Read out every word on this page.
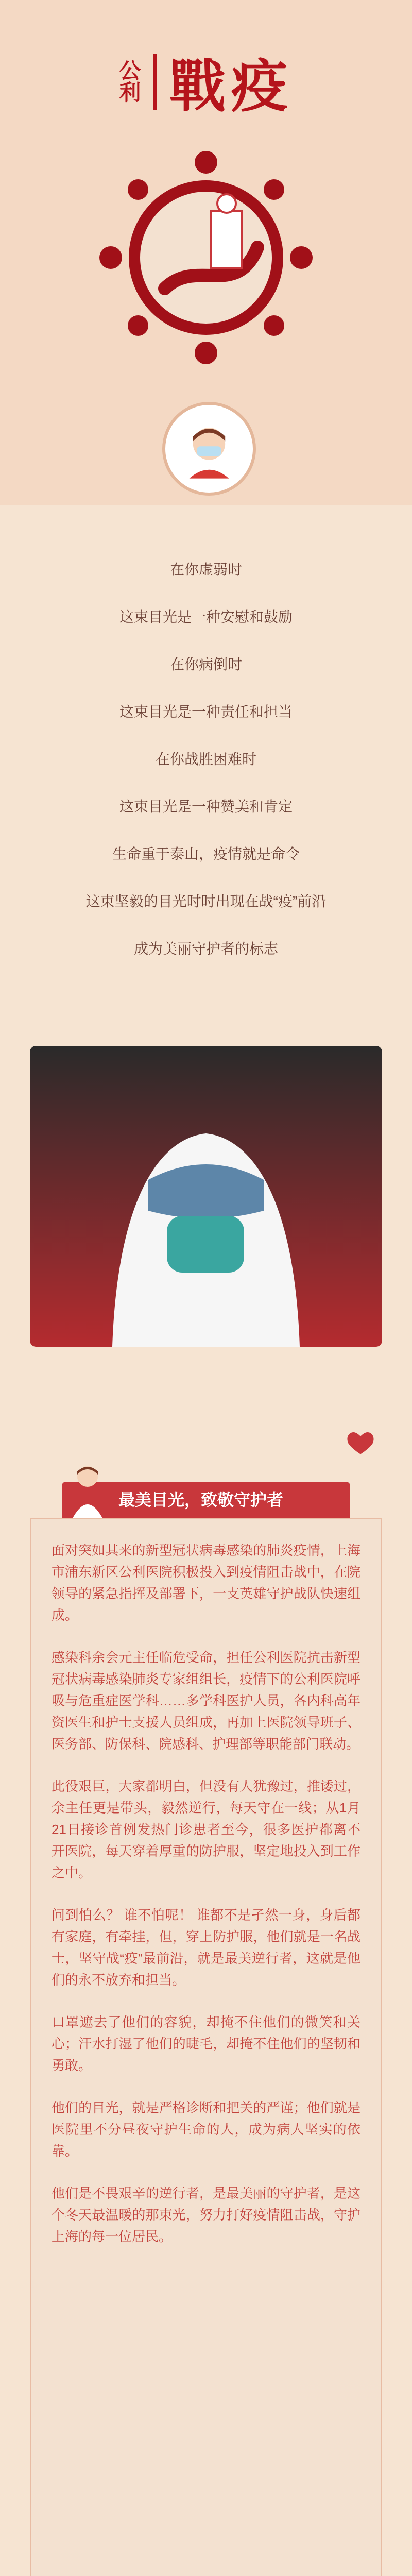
公
利 戰疫

在你虚弱时

这束目光是一种安慰和鼓励

在你病倒时

这束目光是一种责任和担当

在你战胜困难时

这束目光是一种赞美和肯定

生命重于泰山，疫情就是命令

这束坚毅的目光时时出现在战“疫”前沿

成为美丽守护者的标志

最美目光，致敬守护者

面对突如其来的新型冠状病毒感染的肺炎疫情，上海市浦东新区公利医院积极投入到疫情阻击战中，在院领导的紧急指挥及部署下，一支英雄守护战队快速组成。

感染科余会元主任临危受命，担任公利医院抗击新型冠状病毒感染肺炎专家组组长，疫情下的公利医院呼吸与危重症医学科……多学科医护人员，各内科高年资医生和护士支援人员组成，再加上医院领导班子、医务部、防保科、院感科、护理部等职能部门联动。

此役艰巨，大家都明白，但没有人犹豫过，推诿过，余主任更是带头，毅然逆行，每天守在一线；从1月21日接诊首例发热门诊患者至今，很多医护都离不开医院，每天穿着厚重的防护服，坚定地投入到工作之中。

问到怕么？ 谁不怕呢！ 谁都不是孑然一身，身后都有家庭，有牵挂，但，穿上防护服，他们就是一名战士，坚守战“疫”最前沿，就是最美逆行者，这就是他们的永不放弃和担当。

口罩遮去了他们的容貌，却掩不住他们的微笑和关心；汗水打湿了他们的睫毛，却掩不住他们的坚韧和勇敢。

他们的目光，就是严格诊断和把关的严谨；他们就是医院里不分昼夜守护生命的人，成为病人坚实的依靠。

他们是不畏艰辛的逆行者，是最美丽的守护者，是这个冬天最温暖的那束光，努力打好疫情阻击战，守护上海的每一位居民。
